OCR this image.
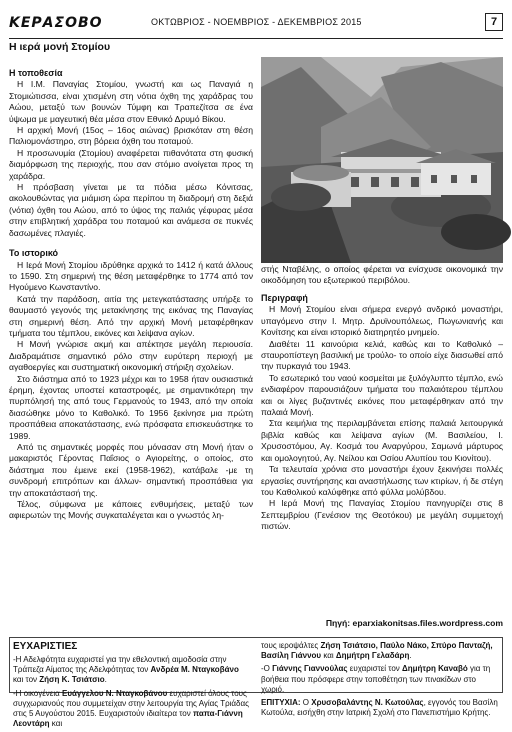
ΚΕΡΑΣΟΒΟ	ΟΚΤΩΒΡΙΟΣ - ΝΟΕΜΒΡΙΟΣ - ΔΕΚΕΜΒΡΙΟΣ 2015	7
Η ιερά μονή Στομίου
Η τοποθεσία

Η Ι.Μ. Παναγίας Στομίου, γνωστή και ως Παναγιά η Στομιώτισσα, είναι χτισμένη στη νότια όχθη της χαράδρας του Αώου, μεταξύ των βουνών Τύμφη και Τραπεζίτσα σε ένα ύψωμα με μαγευτική θέα μέσα στον Εθνικό Δρυμό Βίκου.

Η αρχική Μονή (15ος – 16ος αιώνας) βρισκόταν στη θέση Παλιομονάστηρο, στη βόρεια όχθη του ποταμού.

Η προσωνυμία (Στομίου) αναφέρεται πιθανότατα στη φυσική διαμόρφωση της περιοχής, που σαν στόμιο ανοίγεται προς τη χαράδρα.

Η πρόσβαση γίνεται με τα πόδια μέσω Κόνιτσας, ακολουθώντας για μιάμιση ώρα περίπου τη διαδρομή στη δεξιά (νότια) όχθη του Αώου, από το ύψος της παλιάς γέφυρας μέσα στην επιβλητική χαράδρα του ποταμού και ανάμεσα σε πυκνές δασωμένες πλαγιές.

Το ιστορικό

Η Ιερά Μονή Στομίου ιδρύθηκε αρχικά το 1412 ή κατά άλλους το 1590. Στη σημερινή της θέση μεταφέρθηκε το 1774 από τον Ηγούμενο Κωνσταντίνο.

Κατά την παράδοση, αιτία της μετεγκατάστασης υπήρξε το θαυμαστό γεγονός της μετακίνησης της εικόνας της Παναγίας στη σημερινή θέση. Από την αρχική Μονή μεταφέρθηκαν τμήματα του τέμπλου, εικόνες και λείψανα αγίων.

Η Μονή γνώρισε ακμή και απέκτησε μεγάλη περιουσία. Διαδραμάτισε σημαντικό ρόλο στην ευρύτερη περιοχή με αγαθοεργίες και συστηματική οικονομική στήριξη σχολείων.

Στο διάστημα από το 1923 μέχρι και το 1958 ήταν ουσιαστικά έρημη, έχοντας υποστεί καταστροφές, με σημαντικότερη την πυρπόλησή της από τους Γερμανούς το 1943, από την οποία διασώθηκε μόνο το Καθολικό. Το 1956 ξεκίνησε μια πρώτη προσπάθεια αποκατάστασης, ενώ πρόσφατα επισκευάστηκε το 1989.

Από τις σημαντικές μορφές που μόνασαν στη Μονή ήταν ο μακαριστός Γέροντας Παΐσιος ο Αγιορείτης, ο οποίος, στο διάστημα που έμεινε εκεί (1958-1962), κατάβαλε -με τη συνδρομή επιτρόπων και άλλων- σημαντική προσπάθεια για την αποκατάστασή της.

Τέλος, σύμφωνα με κάποιες ενθυμήσεις, μεταξύ των αφιερωτών της Μονής συγκαταλέγεται και ο γνωστός λη-

στής Νταβέλης, ο οποίος φέρεται να ενίσχυσε οικονομικά την οικοδόμηση του εξωτερικού περιβόλου.
Περιγραφή

Η Μονή Στομίου είναι σήμερα ενεργό ανδρικό μοναστήρι, υπαγόμενο στην Ι. Μητρ. Δρυϊνουπόλεως, Πωγωνιανής και Κονίτσης και είναι ιστορικό διατηρητέο μνημείο.

Διαθέτει 11 καινούρια κελιά, καθώς και το Καθολικό – σταυροπίστεγη βασιλική με τρούλο- το οποίο είχε διασωθεί από την πυρκαγιά του 1943.

Το εσωτερικό του ναού κοσμείται με ξυλόγλυπτο τέμπλο, ενώ ενδιαφέρον παρουσιάζουν τμήματα του παλαιότερου τέμπλου και οι λίγες βυζαντινές εικόνες που μεταφέρθηκαν από την παλαιά Μονή.

Στα κειμήλια της περιλαμβάνεται επίσης παλαιά λειτουργικά βιβλία καθώς και λείψανα αγίων (Μ. Βασιλείου, Ι. Χρυσοστόμου, Αγ. Κοσμά του Αναργύρου, Σαμωνά μάρτυρος και ομολογητού, Αγ. Νείλου και Οσίου Αλυπίου του Κιονίτου).

Τα τελευταία χρόνια στο μοναστήρι έχουν ξεκινήσει πολλές εργασίες συντήρησης και αναστήλωσης των κτιρίων, ή δε στέγη του Καθολικού καλύφθηκε από φύλλα μολύβδου.

Η Ιερά Μονή της Παναγίας Στομίου πανηγυρίζει στις 8 Σεπτεμβρίου (Γενέσιον της Θεοτόκου) με μεγάλη συμμετοχή πιστών.

Πηγή: eparxiakonitsas.files.wordpress.com
ΕΥΧΑΡΙΣΤΙΕΣ

-Η Αδελφότητα ευχαριστεί για την εθελοντική αιμοδοσία στην Τράπεζα Αίματος της Αδελφότητας τον Ανδρέα Μ. Νταγκοβάνο και τον Ζήση Κ. Τσιάτσιο.

-Η οικογένεια Ευάγγελου Ν. Νταγκοβάνου ευχαριστεί όλους τους συγχωριανούς που συμμετείχαν στην λειτουργία της Αγίας Τριάδας στις 5 Αυγούστου 2015. Ευχαριστούν ιδιαίτερα τον παπα-Γιάννη Λεοντάρη και

τους ιεροψάλτες Ζήση Τσιάτσιο, Παύλο Νάκο, Σπύρο Πανταζή, Βασίλη Γιάννου και Δημήτρη Γελαδάρη.

-Ο Γιάννης Γιαννούλας ευχαριστεί τον Δημήτρη Καναβό για τη βοήθεια που πρόσφερε στην τοποθέτηση των πινακίδων στο χωριό.

ΕΠΙΤΥΧΙΑ: Ο Χρυσοβαλάντης Ν. Κωτούλας, εγγονός του Βασίλη Κωτούλα, εισήχθη στην Ιατρική Σχολή στο Πανεπιστήμιο Κρήτης.
